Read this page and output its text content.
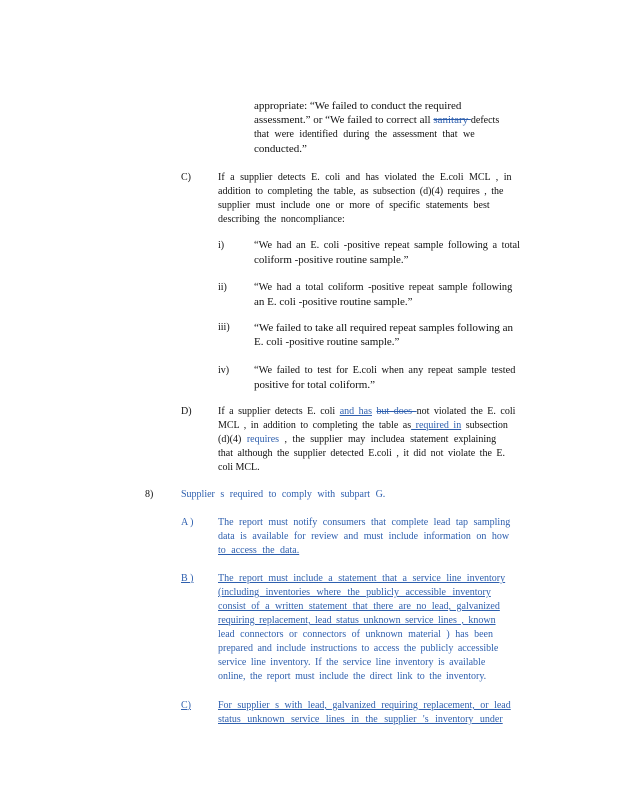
appropriate: “We failed to conduct the required

assessment.” or “We failed to correct all sanitary defects

that were identified during the assessment that we

conducted.”

C)	If a supplier detects E. coli and has violated the E.coli MCL , in

addition to completing the table, as subsection (d)(4) requires , the

supplier must include one or more of specific statements best

describing the noncompliance:

i)	“We had an E. coli -positive repeat sample following a total

coliform -positive routine sample.”

ii)	“We had a total coliform -positive repeat sample following

an E. coli -positive routine sample.”

iii) “We failed to take all required repeat samples following an

E. coli -positive routine sample.”

iv) “We failed to test for E.coli when any repeat sample tested

positive for total coliform.”

D)	If a supplier detects E. coli and has but does not violated the E. coli

MCL , in addition to completing the table as required in subsection

(d)(4) requires , the supplier may includea statement explaining

that although the supplier detected E.coli , it did not violate the E.

coli MCL.

8)	Supplier s required to comply with subpart G.

A ) The report must notify consumers that complete lead tap sampling

data is available for review and must include information on how

to access the data.

B ) The report must include a statement that a service line inventory

(including inventories where the publicly accessible inventory

consist of a written statement that there are no lead, galvanized

requiring replacement, lead status unknown service lines , known

lead connectors or connectors of unknown material ) has been

prepared and include instructions to access the publicly accessible

service line inventory. If the service line inventory is available

online, the report must include the direct link to the inventory.

C)	For supplier s with lead, galvanized requiring replacement, or lead

status unknown service lines in the supplier 's inventory under
